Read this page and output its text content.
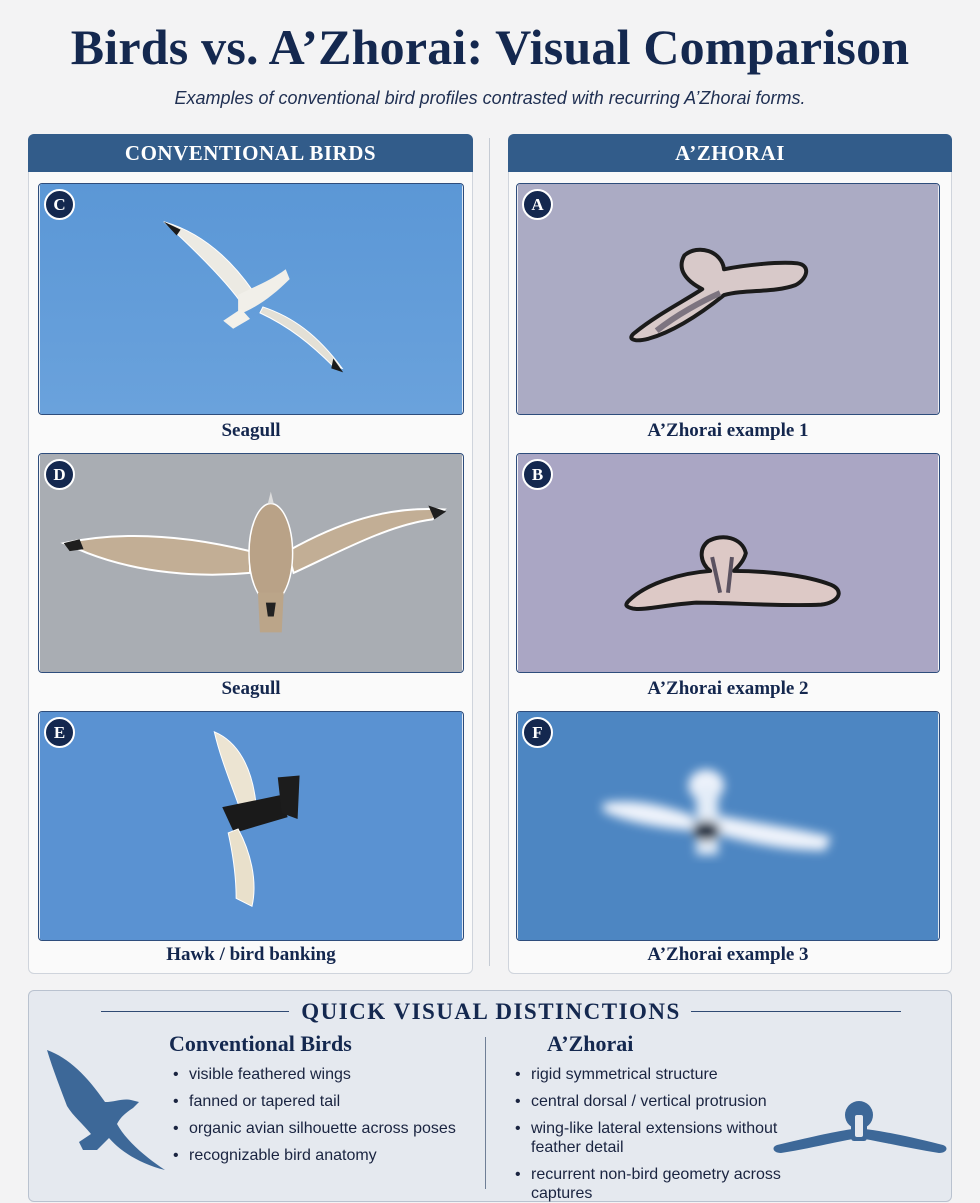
Birds vs. A’Zhorai: Visual Comparison
Examples of conventional bird profiles contrasted with recurring A’Zhorai forms.
CONVENTIONAL BIRDS	A’ZHORAI
C
Seagull
D
Seagull
E
Hawk / bird banking
A
A’Zhorai example 1
B
A’Zhorai example 2
F
A’Zhorai example 3
QUICK VISUAL DISTINCTIONS
Conventional Birds
• visible feathered wings
• fanned or tapered tail
• organic avian silhouette across poses
• recognizable bird anatomy
A’Zhorai
• rigid symmetrical structure
• central dorsal / vertical protrusion
• wing-like lateral extensions without feather detail
• recurrent non-bird geometry across captures
